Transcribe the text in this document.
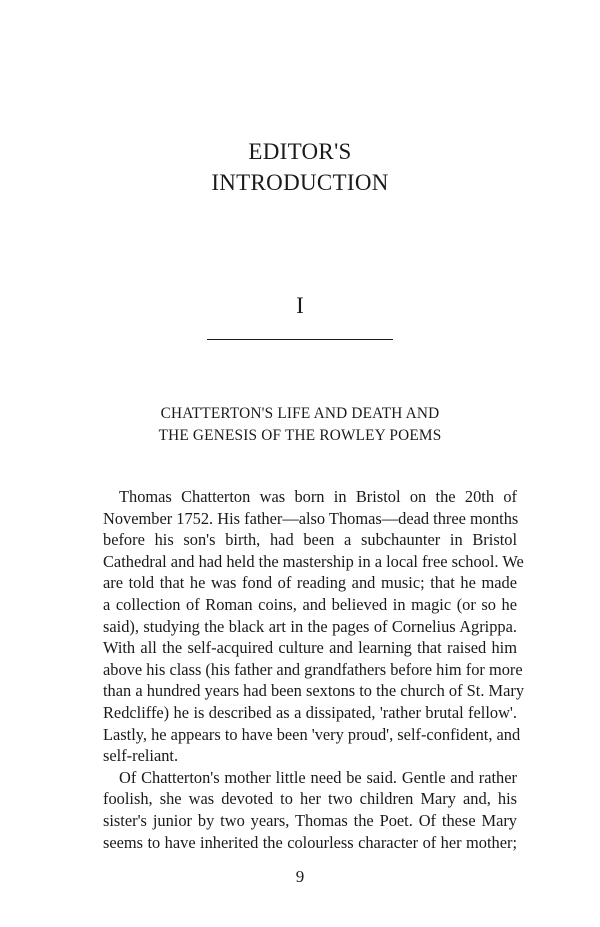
EDITOR'S
INTRODUCTION
I
CHATTERTON'S LIFE AND DEATH AND
THE GENESIS OF THE ROWLEY POEMS
Thomas Chatterton was born in Bristol on the 20th of
November 1752. His father—also Thomas—dead three months
before his son's birth, had been a subchaunter in Bristol
Cathedral and had held the mastership in a local free school. We
are told that he was fond of reading and music; that he made
a collection of Roman coins, and believed in magic (or so he
said), studying the black art in the pages of Cornelius Agrippa.
With all the self-acquired culture and learning that raised him
above his class (his father and grandfathers before him for more
than a hundred years had been sextons to the church of St. Mary
Redcliffe) he is described as a dissipated, 'rather brutal fellow'.
Lastly, he appears to have been 'very proud', self-confident, and
self-reliant.
Of Chatterton's mother little need be said. Gentle and rather
foolish, she was devoted to her two children Mary and, his
sister's junior by two years, Thomas the Poet. Of these Mary
seems to have inherited the colourless character of her mother;
9
